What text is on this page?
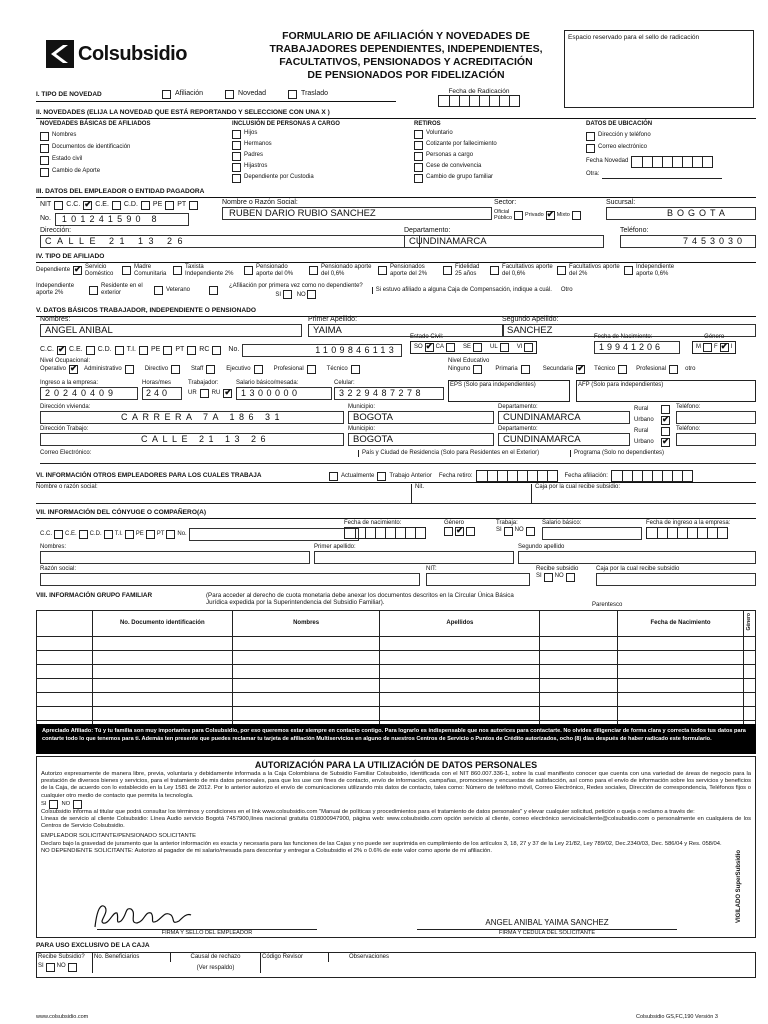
Colsubsidio
FORMULARIO DE AFILIACIÓN Y NOVEDADES DE
TRABAJADORES DEPENDIENTES, INDEPENDIENTES,
FACULTATIVOS, PENSIONADOS Y ACREDITACIÓN
DE PENSIONADOS POR FIDELIZACIÓN
Espacio reservado para el sello de radicación
I. TIPO DE NOVEDAD	Afiliación	Novedad	Traslado	Fecha de Radicación
II. NOVEDADES (ELIJA LA NOVEDAD QUE ESTÁ REPORTANDO Y SELECCIONE CON UNA X )
NOVEDADES BÁSICAS DE AFILIADOS
Nombres
Documentos de identificación
Estado civil
Cambio de Aporte
INCLUSIÓN DE PERSONAS A CARGO
Hijos
Hermanos
Padres
Hijastros
Dependiente por Custodia
RETIROS
Voluntario
Cotizante por fallecimiento
Personas a cargo
Cese de convivencia
Cambio de grupo familiar
DATOS DE UBICACIÓN
Dirección y teléfono
Correo electrónico
Fecha Novedad
Otra:
III. DATOS DEL EMPLEADOR O ENTIDAD PAGADORA
NIT C.C. ✔ C.E. C.D. PE PT
No.	101241590 8
Nombre o Razón Social:
RUBEN DARIO RUBIO SANCHEZ
Sector:
Oficial
Público
Privado ✔ Mixto
Sucursal:
BOGOTA
Dirección:
CALLE 21 13 26
Departamento:
CUNDINAMARCA
Teléfono:
7453030
IV. TIPO DE AFILIADO
Dependiente
✔
Servicio Doméstico
Madre Comunitaria
Taxista Independiente 2%
Pensionado aporte del 0%
Pensionado aporte del 0,6%
Pensionados aporte del 2%
Fidelidad 25 años
Facultativos aporte del 0,6%
Facultativos aporte del 2%
Independiente aporte 0,6%
Independiente aporte 2%
Residente en el exterior
Veterano
¿Afiliación por primera vez como no dependiente?
SI	NO
Si estuvo afiliado a alguna Caja de Compensación, indique a cuál. Otro
V. DATOS BÁSICOS TRABAJADOR, INDEPENDIENTE O PENSIONADO
Nombres:
ANGEL ANIBAL
Primer Apellido:
YAIMA
Segundo Apellido:
SANCHEZ
C.C. ✔ C.E. C.D. T.I. PE PT RC	No.	1109846113
Estado Civil:
SO ✔ CA	SE	UL	VI
Fecha de Nacimiento:
19941206
Género
M F ✔ I
Nivel Ocupacional:
Operativo ✔	Administrativo	Directivo	Staff	Ejecutivo	Profesional	Técnico
Nivel Educativo
Ninguno	Primaria	Secundaria ✔	Técnico	Profesional	otro
Ingreso a la empresa:
20240409
Horas/mes
240
Trabajador:
UR	RU
✔
Salario básico/mesada:
1300000
Celular:
3229487278
EPS (Solo para independientes)	AFP (Solo para independientes)
Dirección vivienda:
CARRERA 7A 186 31
Municipio:
BOGOTA
Departamento:
CUNDINAMARCA
Rural
Urbano
✔
Teléfono:
Dirección Trabajo:
CALLE 21 13 26
Municipio:
BOGOTA
Departamento:
CUNDINAMARCA
Rural
Urbano
✔
Teléfono:
Correo Electrónico:	País y Ciudad de Residencia (Solo para Residentes en el Exterior)	Programa (Solo no dependientes)
VI. INFORMACIÓN OTROS EMPLEADORES PARA LOS CUALES TRABAJA	Actualmente	Trabajo Anterior Fecha retiro:	Fecha afiliación:
Nombre o razón social:	Nit.	Caja por la cual recibe subsidio:
VII. INFORMACIÓN DEL CÓNYUGE O COMPAÑERO(A)
C.C. C.E. C.D. T.I. PE PT No.
Fecha de nacimiento:	Género
✔	Trabaja:
SI NO
Salario básico:	Fecha de ingreso a la empresa:
Nombres:	Primer apellido:	Segundo apellido
Razón social:	NIT:	Recibe subsidio
SI NO
Caja por la cual recibe subsidio
VIII. INFORMACIÓN GRUPO FAMILIAR	(Para acceder al derecho de cuota monetaria debe anexar los documentos descritos en la Circular Única Básica Jurídica expedida por la Superintendencia del Subsidio Familiar).	Parentesco
	No. Documento identificación	Nombres	Apellidos		Fecha de Nacimiento	Género

Apreciado Afiliado: Tú y tu familia son muy importantes para Colsubsidio, por eso queremos estar siempre en contacto contigo. Para lograrlo es indispensable que nos autorices para contactarte. No olvides diligenciar de forma clara y correcta todos tus datos para contarte todo lo que tenemos para ti. Además ten presente que puedes reclamar tu tarjeta de afiliación Multiservicios en alguno de nuestros Centros de Servicio o Puntos de Crédito autorizados, ocho (8) días después de haber radicado este formulario.
AUTORIZACIÓN PARA LA UTILIZACIÓN DE DATOS PERSONALES
Autorizo expresamente de manera libre, previa, voluntaria y debidamente informada a la Caja Colombiana de Subsidio Familiar Colsubsidio, identificada con el NIT 860.007.336-1, sobre la cual manifiesto conocer que cuenta con una variedad de áreas de negocio para la prestación de diversos bienes y servicios, para el tratamiento de mis datos personales, para que los use con fines de contacto, envío de información, campañas, promociones y encuestas de satisfacción, así como para el envío de información sobre los servicios y beneficios de la Caja, de acuerdo con lo establecido en la Ley 1581 de 2012. Por lo anterior autorizo el envío de comunicaciones utilizando mis datos de contacto, tales como: Número de teléfono móvil, Correo Electrónico, Redes sociales, Dirección de correspondencia, Teléfonos fijos o cualquier otro medio de contacto que permita la tecnología.
SI	NO
Colsubsidio informa al titular que podrá consultar los términos y condiciones en el link www.colsubsidio.com "Manual de políticas y procedimientos para el tratamiento de datos personales" y elevar cualquier solicitud, petición o queja o reclamo a través de:
Líneas de servicio al cliente Colsubsidio: Línea Audio servicio Bogotá 7457900,línea nacional gratuita 018000947900, página web: www.colsubsidio.com opción servicio al cliente, correo electrónico servicioalcliente@colsubsidio.com o personalmente en cualquiera de los Centros de Servicio Colsubsidio.
EMPLEADOR SOLICITANTE/PENSIONADO SOLICITANTE
Declaro bajo la gravedad de juramento que la anterior información es exacta y necesaria para las funciones de las Cajas y no puede ser suprimida en cumplimiento de los artículos 3, 18, 27 y 37 de la Ley 21/82, Ley 789/02, Dec.2340/03, Dec. 586/04 y Res. 058/04.
NO DEPENDIENTE SOLICITANTE: Autorizo al pagador de mi salario/mesada para descontar y entregar a Colsubsidio el 2% o 0.6% de este valor como aporte de mi afiliación.
FIRMA Y SELLO DEL EMPLEADOR
ANGEL ANIBAL YAIMA SANCHEZ
FIRMA Y CÉDULA DEL SOLICITANTE
PARA USO EXCLUSIVO DE LA CAJA
Recibe Subsidio?
SI NO
No. Beneficiarios	Causal de rechazo
(Ver respaldo)
Código Revisor	Observaciones
www.colsubsidio.com	Colsubsidio GS,FC,190 Versión 3
VIGILADO SuperSubsidio
